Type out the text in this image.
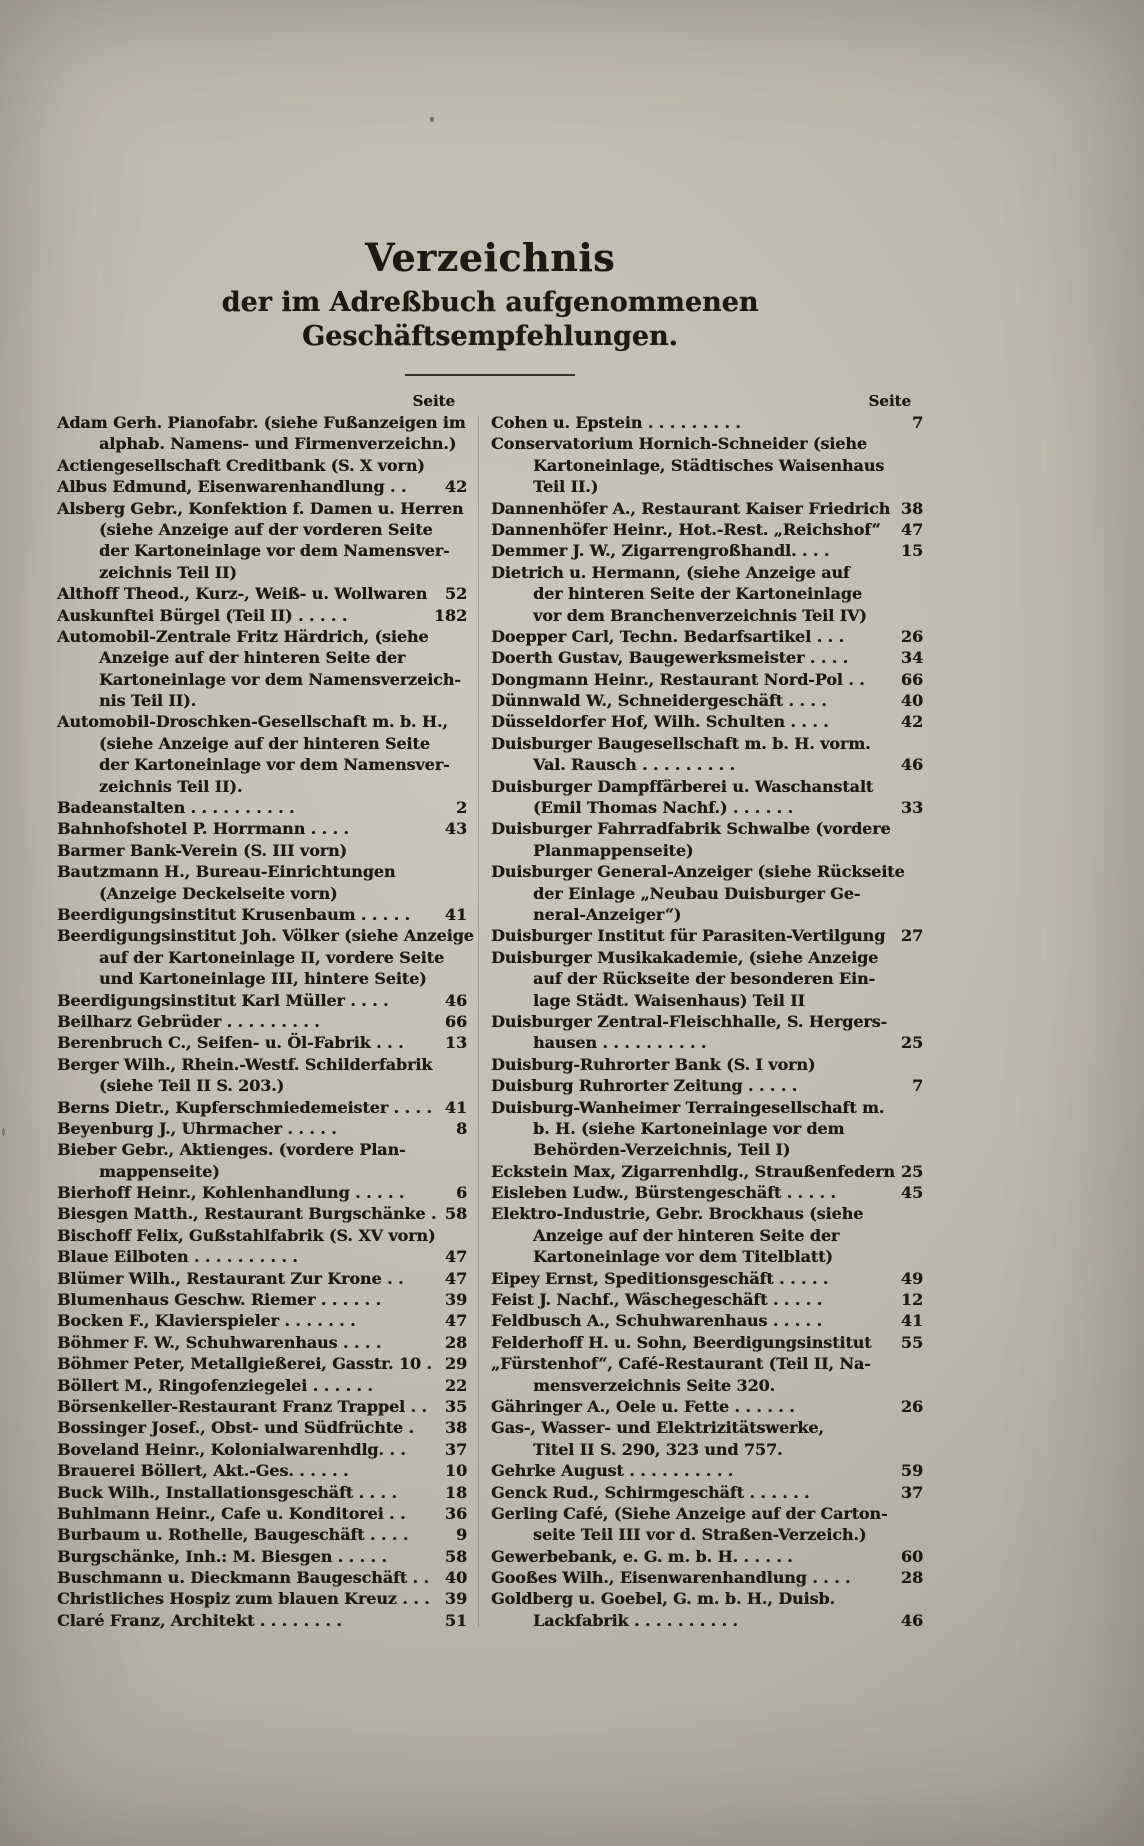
Verzeichnis
der im Adreßbuch aufgenommenen Geschäftsempfehlungen.
Seite
Adam Gerh. Pianofabr. (siehe Fußanzeigen im
alphab. Namens- und Firmenverzeichn.)
Actiengesellschaft Creditbank (S. X vorn)
Albus Edmund, Eisenwarenhandlung . . 42
Alsberg Gebr., Konfektion f. Damen u. Herren
(siehe Anzeige auf der vorderen Seite
der Kartoneinlage vor dem Namensver-
zeichnis Teil II)
Althoff Theod., Kurz-, Weiß- u. Wollwaren 52
Auskunftei Bürgel (Teil II) . . . . .	182
Automobil-Zentrale Fritz Härdrich, (siehe
Anzeige auf der hinteren Seite der
Kartoneinlage vor dem Namensverzeich-
nis Teil II).
Automobil-Droschken-Gesellschaft m. b. H.,
(siehe Anzeige auf der hinteren Seite
der Kartoneinlage vor dem Namensver-
zeichnis Teil II).
Badeanstalten . . . . . . . . . .	2
Bahnhofshotel P. Horrmann . . . .	43
Barmer Bank-Verein (S. III vorn)
Bautzmann H., Bureau-Einrichtungen
(Anzeige Deckelseite vorn)
Beerdigungsinstitut Krusenbaum . . . . . 41
Beerdigungsinstitut Joh. Völker (siehe Anzeige
auf der Kartoneinlage II, vordere Seite
und Kartoneinlage III, hintere Seite)
Beerdigungsinstitut Karl Müller . . . .	46
Beilharz Gebrüder . . . . . . . . .	66
Berenbruch C., Seifen- u. Öl-Fabrik . . .	13
Berger Wilh., Rhein.-Westf. Schilderfabrik
(siehe Teil II S. 203.)
Berns Dietr., Kupferschmiedemeister . . . . 41
Beyenburg J., Uhrmacher . . . . .	8
Bieber Gebr., Aktienges. (vordere Plan-
mappenseite)
Bierhoff Heinr., Kohlenhandlung . . . . .	6
Biesgen Matth., Restaurant Burgschänke . 58
Bischoff Felix, Gußstahlfabrik (S. XV vorn)
Blaue Eilboten . . . . . . . . . .	47
Blümer Wilh., Restaurant Zur Krone . .	47
Blumenhaus Geschw. Riemer . . . . . .	39
Bocken F., Klavierspieler . . . . . . .	47
Böhmer F. W., Schuhwarenhaus . . . .	28
Böhmer Peter, Metallgießerei, Gasstr. 10 . 29
Böllert M., Ringofenziegelei . . . . . .	22
Börsenkeller-Restaurant Franz Trappel . . 35
Bossinger Josef., Obst- und Südfrüchte . 38
Boveland Heinr., Kolonialwarenhdlg. . . 37
Brauerei Böllert, Akt.-Ges. . . . . .	10
Buck Wilh., Installationsgeschäft . . . .	18
Buhlmann Heinr., Cafe u. Konditorei . . 36
Burbaum u. Rothelle, Baugeschäft . . . .	9
Burgschänke, Inh.: M. Biesgen . . . . .	58
Buschmann u. Dieckmann Baugeschäft . . 40
Christliches Hospiz zum blauen Kreuz . . . 39
Claré Franz, Architekt . . . . . . . .	51
Seite
Cohen u. Epstein . . . . . . . . .	7
Conservatorium Hornich-Schneider (siehe
Kartoneinlage, Städtisches Waisenhaus
Teil II.)
Dannenhöfer A., Restaurant Kaiser Friedrich 38
Dannenhöfer Heinr., Hot.-Rest. „Reichshof“ 47
Demmer J. W., Zigarrengroßhandl. . . .	15
Dietrich u. Hermann, (siehe Anzeige auf
der hinteren Seite der Kartoneinlage
vor dem Branchenverzeichnis Teil IV)
Doepper Carl, Techn. Bedarfsartikel . . .	26
Doerth Gustav, Baugewerksmeister . . . .	34
Dongmann Heinr., Restaurant Nord-Pol . . 66
Dünnwald W., Schneidergeschäft . . . .	40
Düsseldorfer Hof, Wilh. Schulten . . . .	42
Duisburger Baugesellschaft m. b. H. vorm.
Val. Rausch . . . . . . . . .	46
Duisburger Dampffärberei u. Waschanstalt
(Emil Thomas Nachf.) . . . . . .	33
Duisburger Fahrradfabrik Schwalbe (vordere
Planmappenseite)
Duisburger General-Anzeiger (siehe Rückseite
der Einlage „Neubau Duisburger Ge-
neral-Anzeiger“)
Duisburger Institut für Parasiten-Vertilgung 27
Duisburger Musikakademie, (siehe Anzeige
auf der Rückseite der besonderen Ein-
lage Städt. Waisenhaus) Teil II
Duisburger Zentral-Fleischhalle, S. Hergers-
hausen . . . . . . . . . .	25
Duisburg-Ruhrorter Bank (S. I vorn)
Duisburg Ruhrorter Zeitung . . . . .	7
Duisburg-Wanheimer Terraingesellschaft m.
b. H. (siehe Kartoneinlage vor dem
Behörden-Verzeichnis, Teil I)
Eckstein Max, Zigarrenhdlg., Straußenfedern 25
Eisleben Ludw., Bürstengeschäft . . . . .	45
Elektro-Industrie, Gebr. Brockhaus (siehe
Anzeige auf der hinteren Seite der
Kartoneinlage vor dem Titelblatt)
Eipey Ernst, Speditionsgeschäft . . . . .	49
Feist J. Nachf., Wäschegeschäft . . . . .	12
Feldbusch A., Schuhwarenhaus . . . . .	41
Felderhoff H. u. Sohn, Beerdigungsinstitut 55
„Fürstenhof“, Café-Restaurant (Teil II, Na-
mensverzeichnis Seite 320.
Gähringer A., Oele u. Fette . . . . . .	26
Gas-, Wasser- und Elektrizitätswerke,
Titel II S. 290, 323 und 757.
Gehrke August . . . . . . . . . .	59
Genck Rud., Schirmgeschäft . . . . . .	37
Gerling Café, (Siehe Anzeige auf der Carton-
seite Teil III vor d. Straßen-Verzeich.)
Gewerbebank, e. G. m. b. H. . . . . .	60
Gooßes Wilh., Eisenwarenhandlung . . . .	28
Goldberg u. Goebel, G. m. b. H., Duisb.
Lackfabrik . . . . . . . . . .	46
